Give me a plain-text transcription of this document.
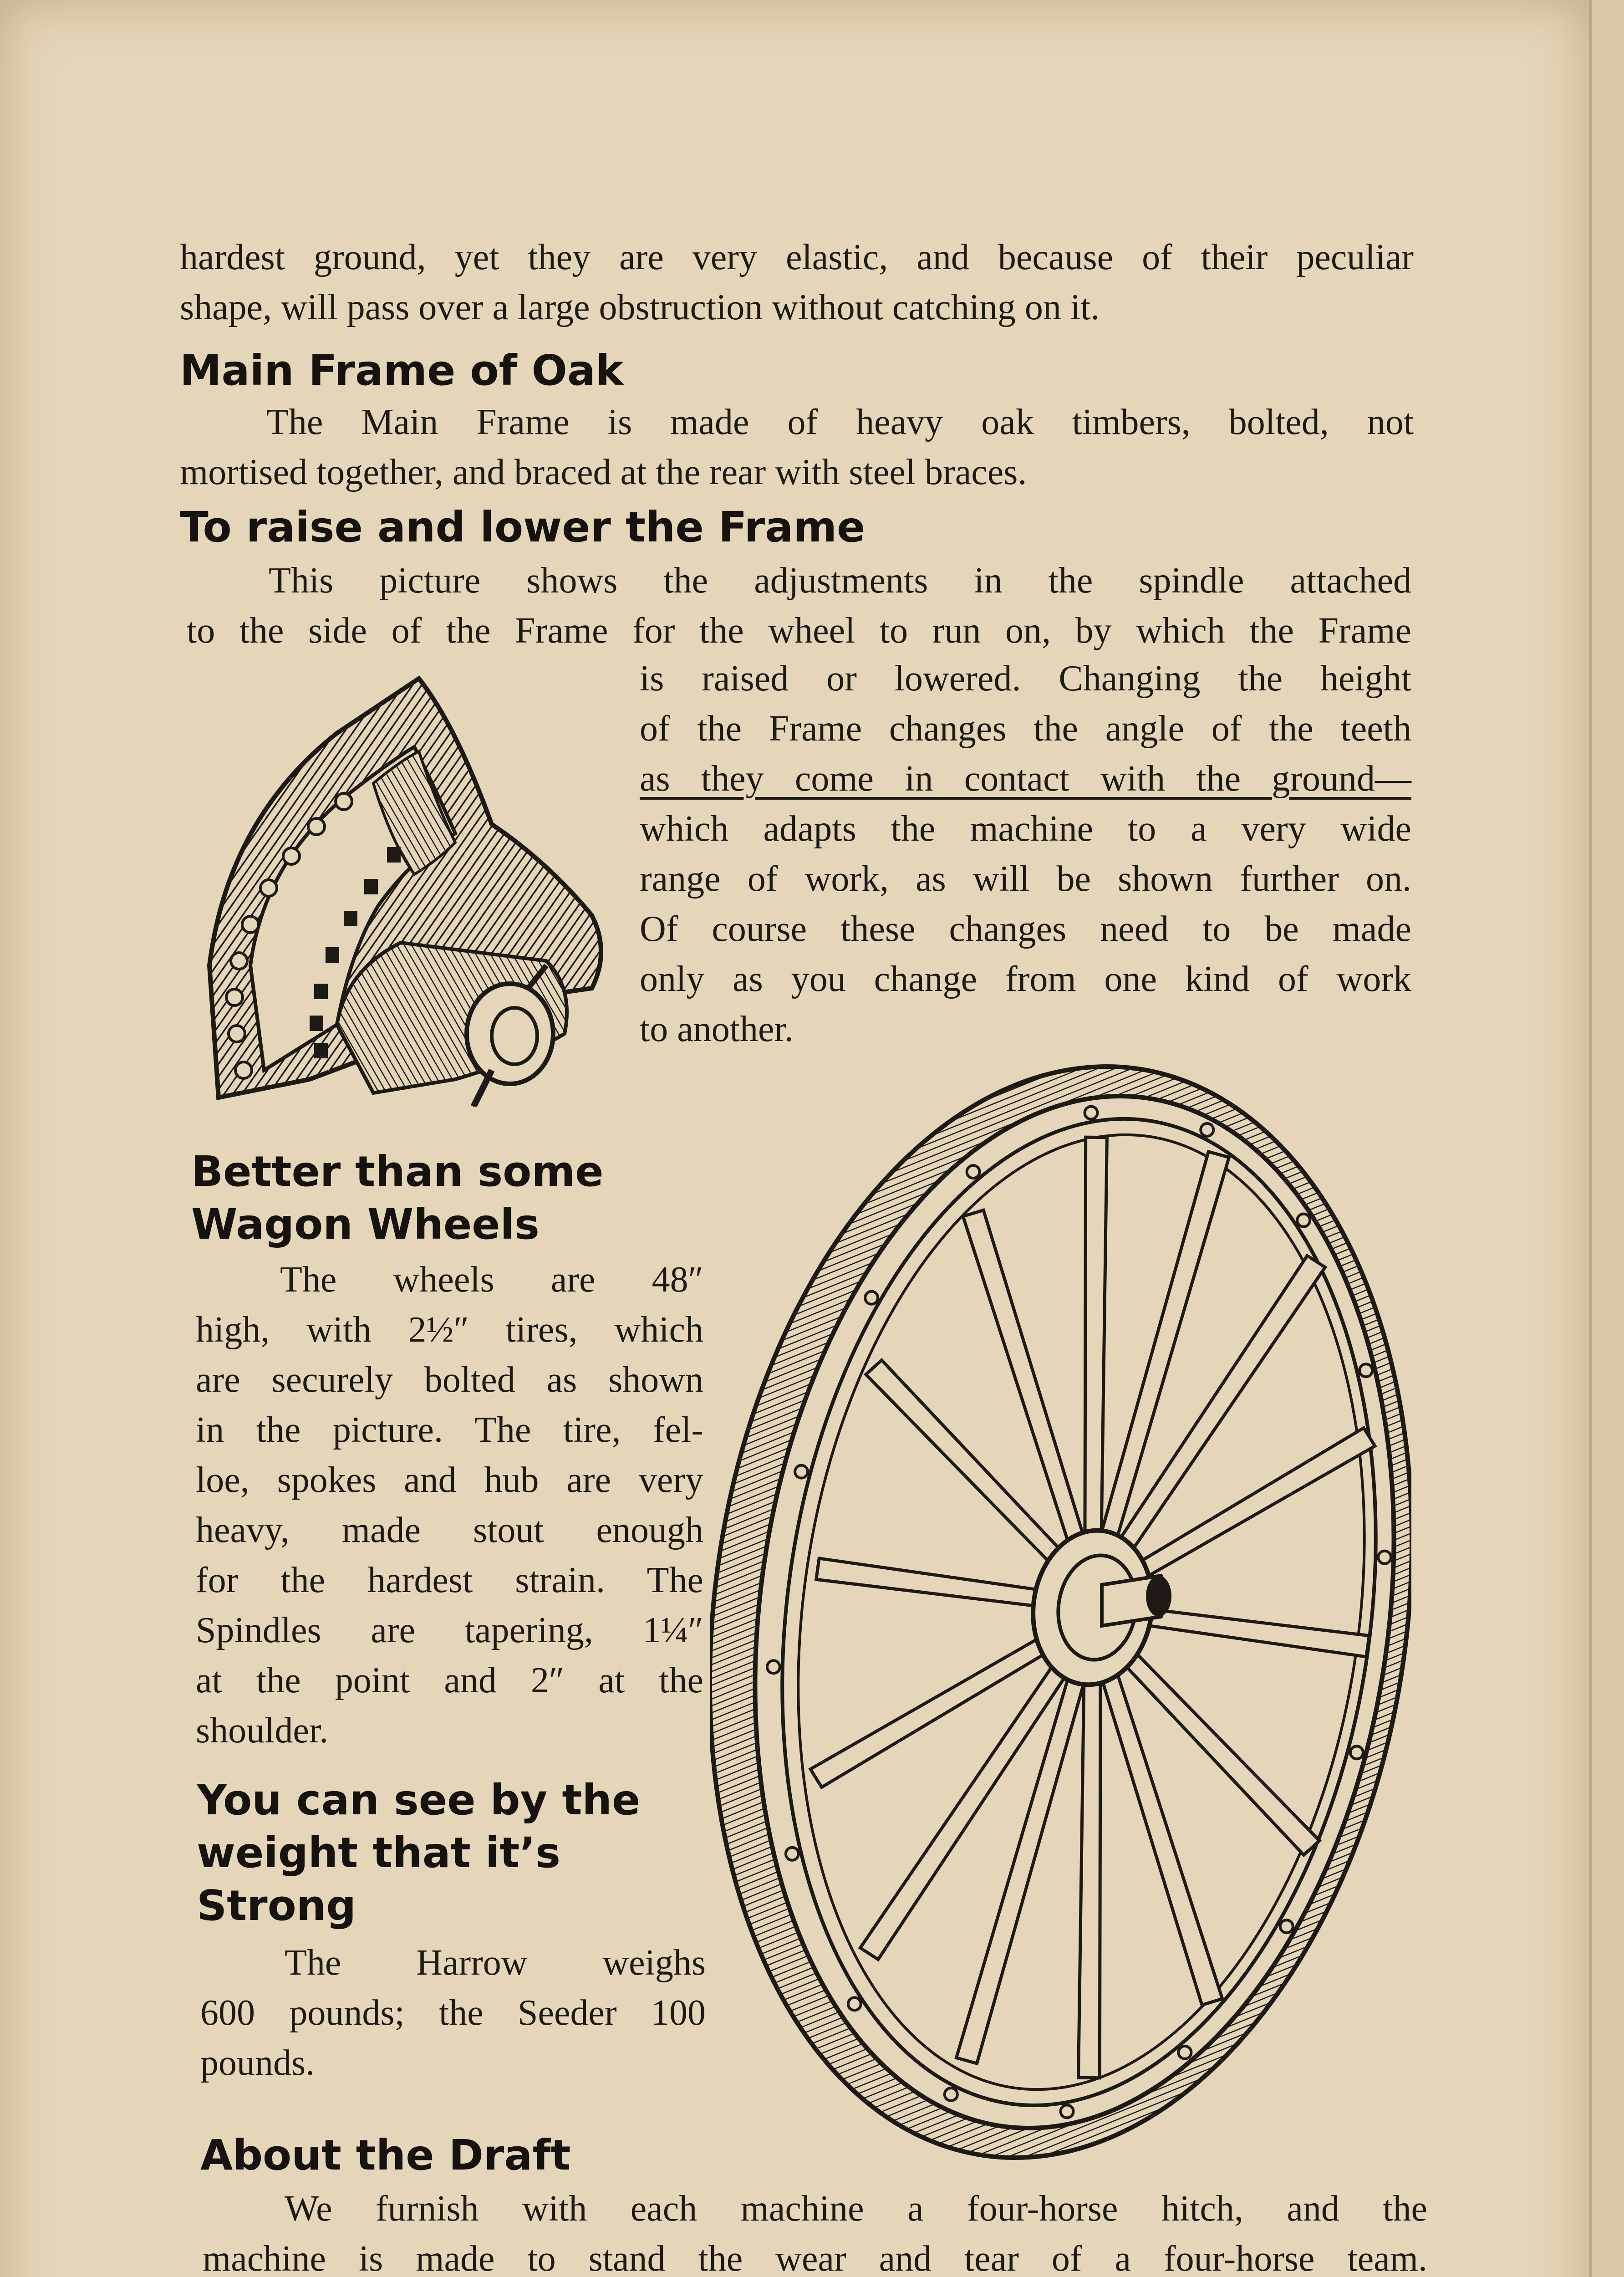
hardest ground, yet they are very elastic, and because of their peculiar
shape, will pass over a large obstruction without catching on it.
Main Frame of Oak
The Main Frame is made of heavy oak timbers, bolted, not
mortised together, and braced at the rear with steel braces.
To raise and lower the Frame
This picture shows the adjustments in the spindle attached
to the side of the Frame for the wheel to run on, by which the Frame
is raised or lowered. Changing the height
of the Frame changes the angle of the teeth
as they come in contact with the ground—
which adapts the machine to a very wide
range of work, as will be shown further on.
Of course these changes need to be made
only as you change from one kind of work
to another.
Better than some
Wagon Wheels
The wheels are 48″
high, with 2½″ tires, which
are securely bolted as shown
in the picture. The tire, fel-
loe, spokes and hub are very
heavy, made stout enough
for the hardest strain. The
Spindles are tapering, 1¼″
at the point and 2″ at the
shoulder.
You can see by the
weight that it’s
Strong
The Harrow weighs
600 pounds; the Seeder 100
pounds.
About the Draft
We furnish with each machine a four-horse hitch, and the
machine is made to stand the wear and tear of a four-horse team.
